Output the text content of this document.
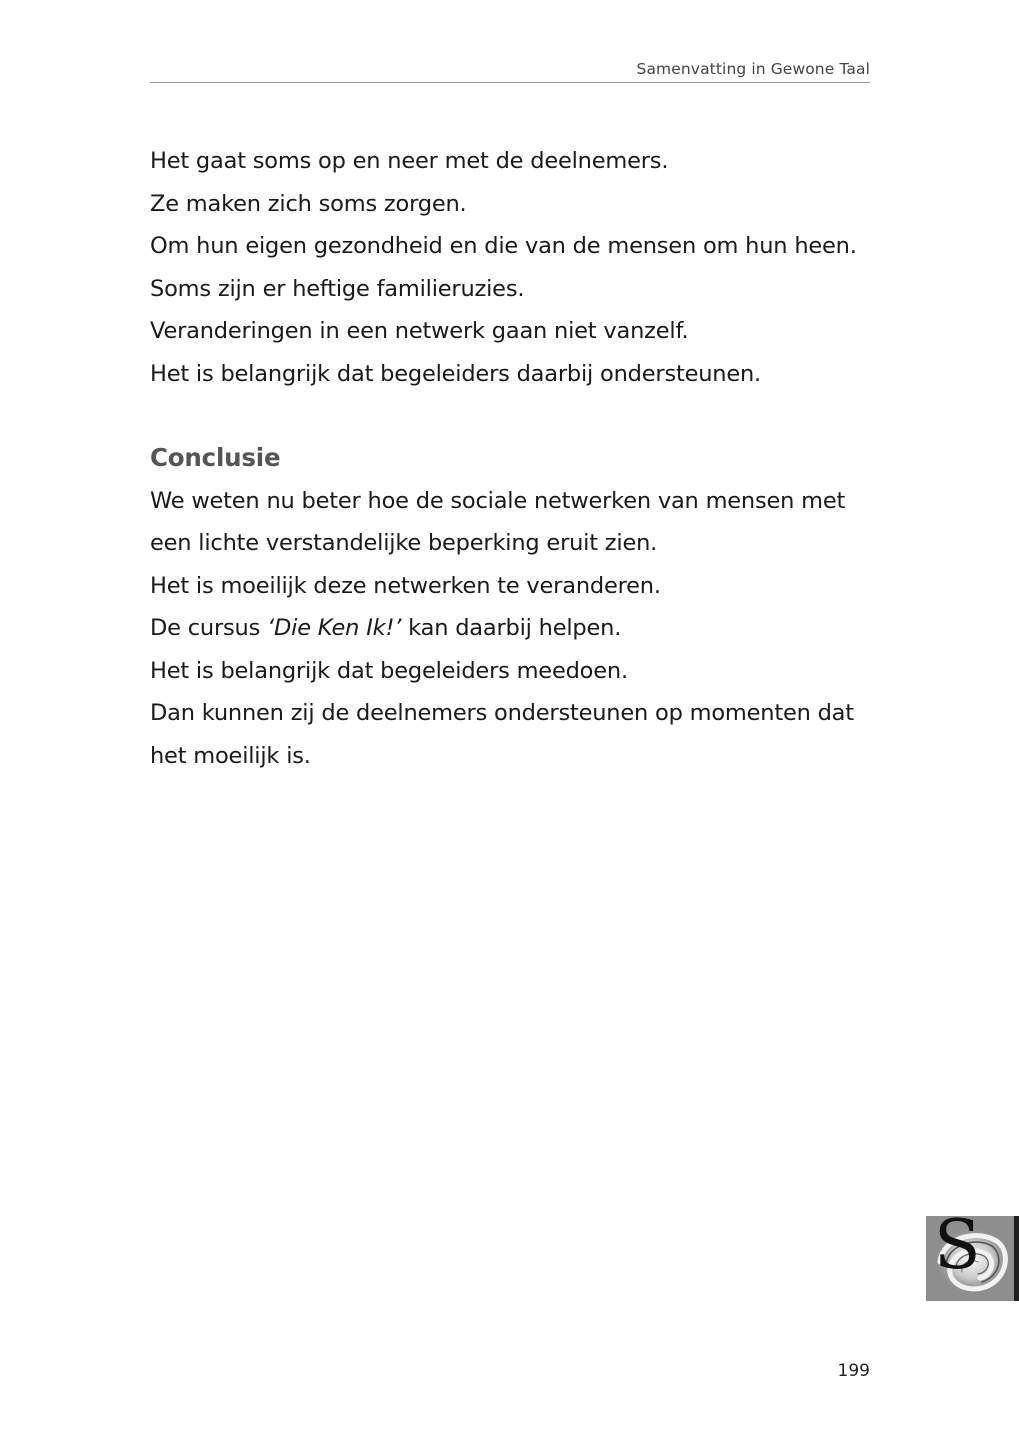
Samenvatting in Gewone Taal
Het gaat soms op en neer met de deelnemers.
Ze maken zich soms zorgen.
Om hun eigen gezondheid en die van de mensen om hun heen.
Soms zijn er heftige familieruzies.
Veranderingen in een netwerk gaan niet vanzelf.
Het is belangrijk dat begeleiders daarbij ondersteunen.
Conclusie
We weten nu beter hoe de sociale netwerken van mensen met
een lichte verstandelijke beperking eruit zien.
Het is moeilijk deze netwerken te veranderen.
De cursus ‘Die Ken Ik!’ kan daarbij helpen.
Het is belangrijk dat begeleiders meedoen.
Dan kunnen zij de deelnemers ondersteunen op momenten dat
het moeilijk is.
S
199
